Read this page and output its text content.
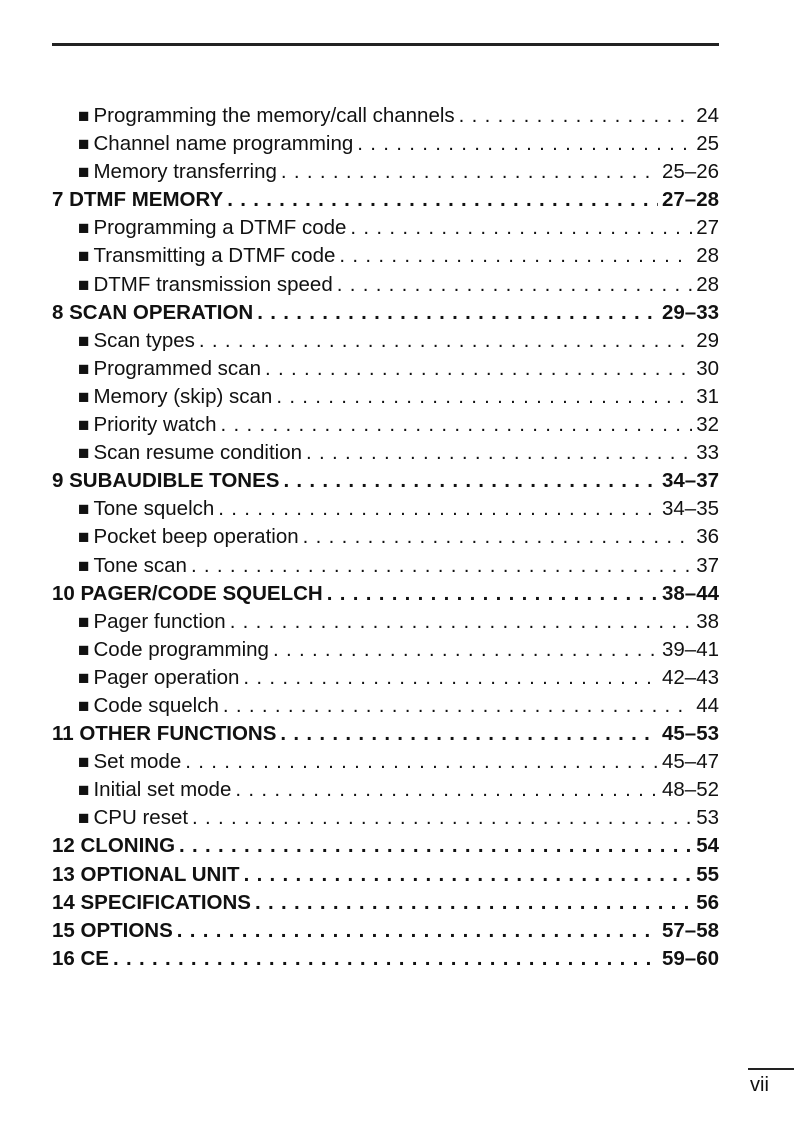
■ Programming the memory/call channels . . .	24
■ Channel name programming . . .	25
■ Memory transferring . . .	25–26
7 DTMF MEMORY . . .	27–28
■ Programming a DTMF code . . .	27
■ Transmitting a DTMF code . . .	28
■ DTMF transmission speed . . .	28
8 SCAN OPERATION . . .	29–33
■ Scan types . . .	29
■ Programmed scan . . .	30
■ Memory (skip) scan . . .	31
■ Priority watch . . .	32
■ Scan resume condition . . .	33
9 SUBAUDIBLE TONES . . .	34–37
■ Tone squelch . . .	34–35
■ Pocket beep operation . . .	36
■ Tone scan . . .	37
10 PAGER/CODE SQUELCH . . .	38–44
■ Pager function . . .	38
■ Code programming . . .	39–41
■ Pager operation . . .	42–43
■ Code squelch . . .	44
11 OTHER FUNCTIONS . . .	45–53
■ Set mode . . .	45–47
■ Initial set mode . . .	48–52
■ CPU reset . . .	53
12 CLONING . . .	54
13 OPTIONAL UNIT . . .	55
14 SPECIFICATIONS . . .	56
15 OPTIONS . . .	57–58
16 CE . . .	59–60
vii
